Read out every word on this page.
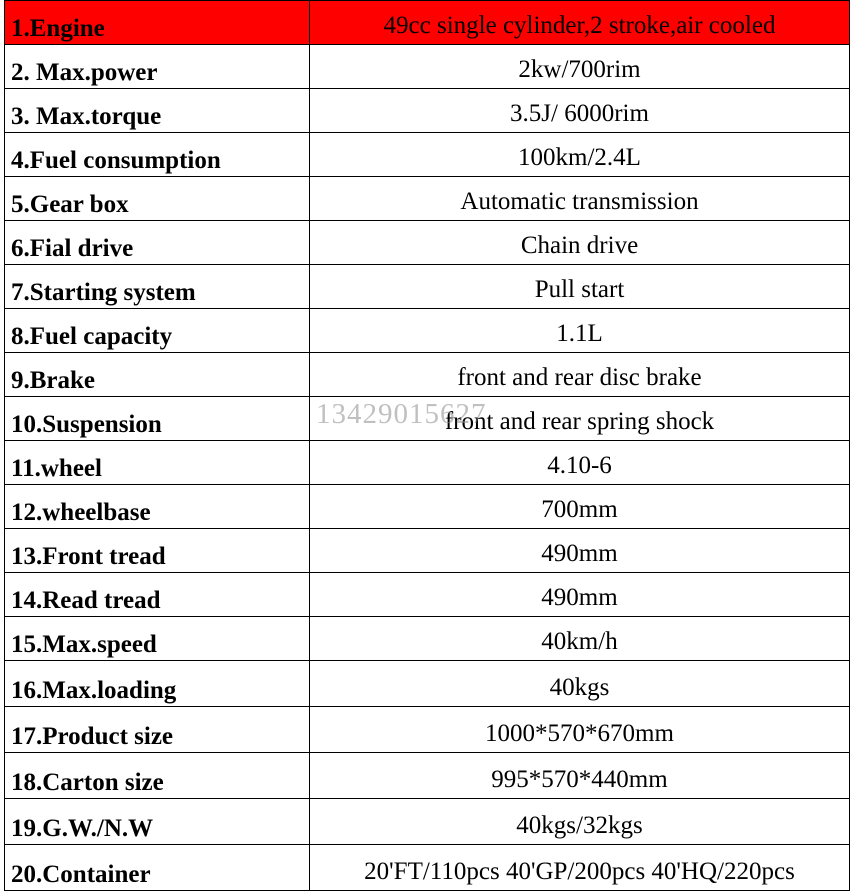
1.Engine	49cc single cylinder,2 stroke,air cooled
2. Max.power	2kw/700rim
3. Max.torque	3.5J/ 6000rim
4.Fuel consumption	100km/2.4L
5.Gear box	Automatic transmission
6.Fial drive	Chain drive
7.Starting system	Pull start
8.Fuel capacity	1.1L
9.Brake	front and rear disc brake
10.Suspension	front and rear spring shock
11.wheel	4.10-6
12.wheelbase	700mm
13.Front tread	490mm
14.Read tread	490mm
15.Max.speed	40km/h
16.Max.loading	40kgs
17.Product size	1000*570*670mm
18.Carton size	995*570*440mm
19.G.W./N.W	40kgs/32kgs
20.Container	20'FT/110pcs 40'GP/200pcs 40'HQ/220pcs
13429015627
